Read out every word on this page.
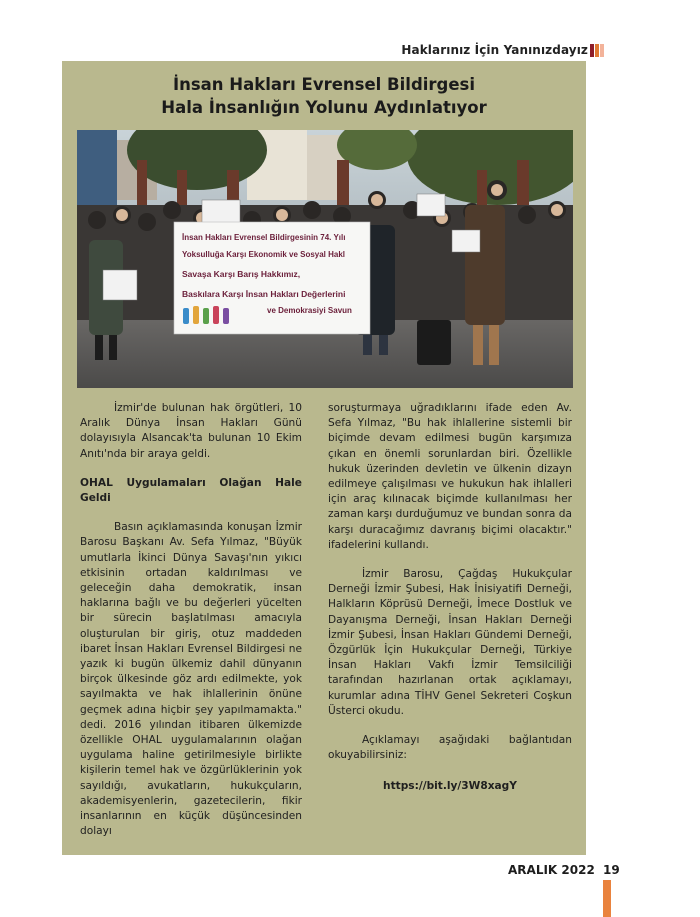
Haklarınız İçin Yanınızdayız
İnsan Hakları Evrensel Bildirgesi
Hala İnsanlığın Yolunu Aydınlatıyor
İnsan Hakları Evrensel Bildirgesinin 74. Yılı
Yoksulluğa Karşı Ekonomik ve Sosyal Hakl
Savaşa Karşı Barış Hakkımız,
Baskılara Karşı İnsan Hakları Değerlerini
ve Demokrasiyi Savun

İzmir'de bulunan hak örgütleri, 10 Aralık Dünya İnsan Hakları Günü dolayısıyla Alsancak'ta bulunan 10 Ekim Anıtı'nda bir araya geldi.

OHAL Uygulamaları Olağan Hale Geldi

Basın açıklamasında konuşan İzmir Barosu Başkanı Av. Sefa Yılmaz, "Büyük umutlarla İkinci Dünya Savaşı'nın yıkıcı etkisinin ortadan kaldırılması ve geleceğin daha demokratik, insan haklarına bağlı ve bu değerleri yücelten bir sürecin başlatılması amacıyla oluşturulan bir giriş, otuz maddeden ibaret İnsan Hakları Evrensel Bildirgesi ne yazık ki bugün ülkemiz dahil dünyanın birçok ülkesinde göz ardı edilmekte, yok sayılmakta ve hak ihlallerinin önüne geçmek adına hiçbir şey yapılmamakta." dedi. 2016 yılından itibaren ülkemizde özellikle OHAL uygulamalarının olağan uygulama haline getirilmesiyle birlikte kişilerin temel hak ve özgürlüklerinin yok sayıldığı, avukatların, hukukçuların, akademisyenlerin, gazetecilerin, fikir insanlarının en küçük düşüncesinden dolayı

soruşturmaya uğradıklarını ifade eden Av. Sefa Yılmaz, "Bu hak ihlallerine sistemli bir biçimde devam edilmesi bugün karşımıza çıkan en önemli sorunlardan biri. Özellikle hukuk üzerinden devletin ve ülkenin dizayn edilmeye çalışılması ve hukukun hak ihlalleri için araç kılınacak biçimde kullanılması her zaman karşı durduğumuz ve bundan sonra da karşı duracağımız davranış biçimi olacaktır." ifadelerini kullandı.

İzmir Barosu, Çağdaş Hukukçular Derneği İzmir Şubesi, Hak İnisiyatifi Derneği, Halkların Köprüsü Derneği, İmece Dostluk ve Dayanışma Derneği, İnsan Hakları Derneği İzmir Şubesi, İnsan Hakları Gündemi Derneği, Özgürlük İçin Hukukçular Derneği, Türkiye İnsan Hakları Vakfı İzmir Temsilciliği tarafından hazırlanan ortak açıklamayı, kurumlar adına TİHV Genel Sekreteri Coşkun Üsterci okudu.

Açıklamayı aşağıdaki bağlantıdan okuyabilirsiniz:

https://bit.ly/3W8xagY

ARALIK 2022 19
